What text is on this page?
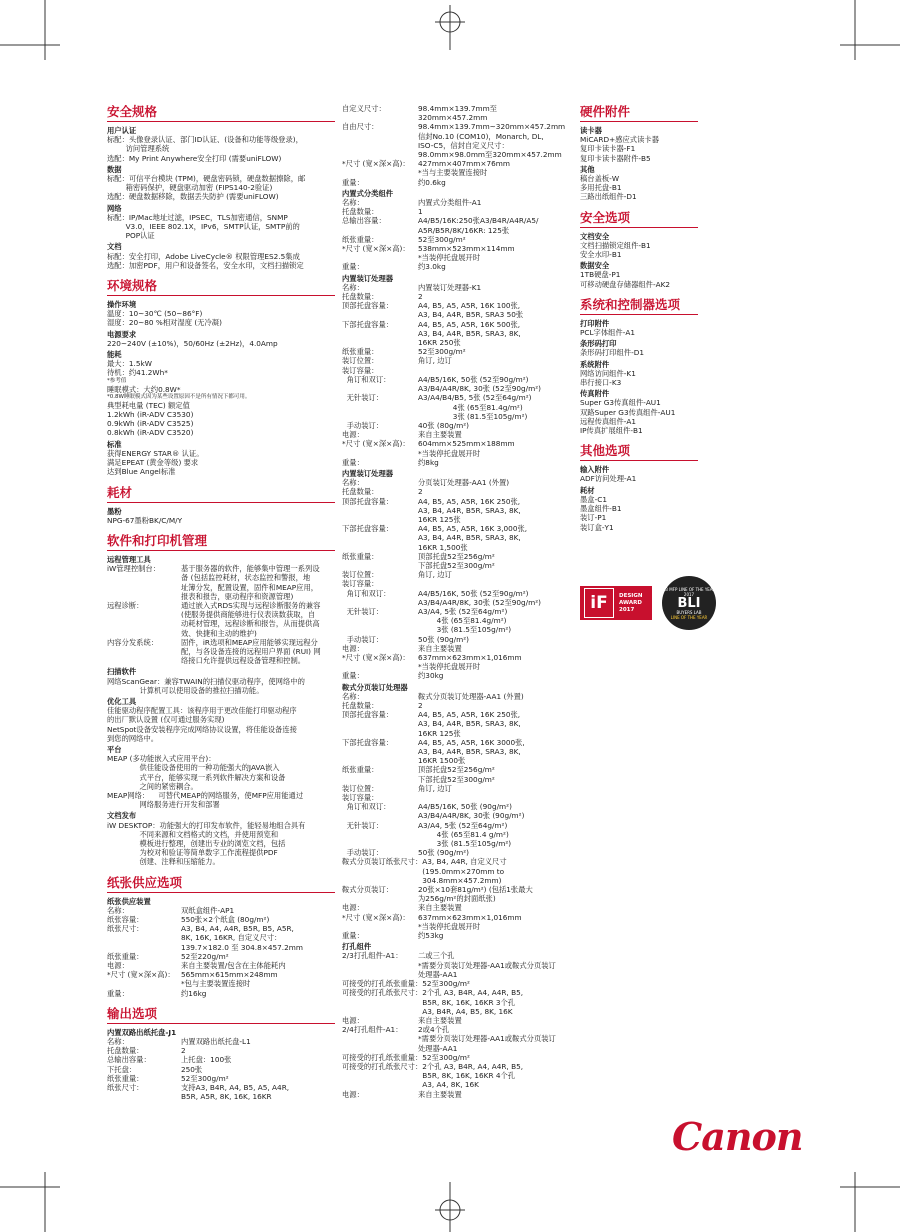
安全规格
用户认证
标配：头像登录认证、部门ID认证、(设备和功能等级登录)，
访问管理系统
选配：My Print Anywhere安全打印 (需要uniFLOW)
数据
标配：可信平台模块 (TPM)，硬盘密码锁，硬盘数据擦除，邮
箱密码保护，硬盘驱动加密 (FIPS140-2验证)
选配：硬盘数据移除，数据丢失防护 (需要uniFLOW)
网络
标配：IP/Mac地址过滤，IPSEC，TLS加密通信，SNMP
V3.0，IEEE 802.1X，IPv6，SMTP认证，SMTP前的
POP认证
文档
标配：安全打印，Adobe LiveCycle® 权限管理ES2.5集成
选配：加密PDF，用户和设备签名，安全水印，文档扫描锁定
环境规格
操作环境
温度：10~30℃ (50~86°F)
湿度：20~80 %相对湿度 (无冷凝)
电源要求
220~240V (±10%)，50/60Hz (±2Hz)，4.0Amp
能耗
最大：1.5kW
待机：约41.2Wh*
*参考值
睡眠模式：大约0.8W*
*0.8W睡眠模式因为某些设置原因不是所有情况下都可用。
典型耗电量 (TEC) 额定值
1.2kWh (iR-ADV C3530)
0.9kWh (iR-ADV C3525)
0.8kWh (iR-ADV C3520)
标准
获得ENERGY STAR® 认证。
满足EPEAT (黄金等级) 要求
达到Blue Angel标准
耗材
墨粉
NPG-67墨粉BK/C/M/Y
软件和打印机管理
远程管理工具
iW管理控制台：	基于服务器的软件，能够集中管理一系列设
备 (包括监控耗材，状态监控和警报，地
址簿分发，配置设置，固件和MEAP应用，
报表和报告，驱动程序和资源管理)
远程诊断：	通过嵌入式RDS实现与远程诊断服务的兼容
(使服务提供商能够进行仪表读数获取，自
动耗材管理，远程诊断和报告，从而提供高
效、快捷和主动的维护)
内容分发系统：	固件，iR选项和MEAP应用能够实现远程分
配，与各设备连接的远程用户界面 (RUI) 网
络接口允许提供远程设备管理和控制。
扫描软件
网络ScanGear：兼容TWAIN的扫描仪驱动程序，使网络中的
计算机可以使用设备的推拉扫描功能。
优化工具
佳能驱动程序配置工具：该程序用于更改佳能打印驱动程序
的出厂默认设置 (仅可通过服务实现)
NetSpot设备安装程序完成网络协议设置，将佳能设备连接
到您的网络中。
平台
MEAP (多功能嵌入式应用平台)：
供佳能设备使用的一种功能强大的JAVA嵌入
式平台，能够实现一系列软件解决方案和设备
之间的紧密耦合。
MEAP网络：    可替代MEAP的网络服务，使MFP应用能通过
网络服务进行开发和部署
文档发布
iW DESKTOP：功能强大的打印发布软件，能轻易地组合具有
不同来源和文档格式的文档，并使用预览和
模板进行整理，创建出专业的浏览文档，包括
为校对和验证等简单数字工作流程提供PDF
创建、注释和压缩能力。
纸张供应选项
纸张供应装置
名称：	双纸盒组件-AP1
纸张容量：	550张×2个纸盒 (80g/m²)
纸张尺寸：	A3, B4, A4, A4R, B5R, B5, A5R,
8K, 16K, 16KR, 自定义尺寸：
139.7×182.0 至 304.8×457.2mm
纸张重量：	52至220g/m²
电源：	来自主要装置/包含在主体能耗内
*尺寸 (宽×深×高)： 565mm×615mm×248mm
*包与主要装置连接时
重量：	约16kg
输出选项
内置双路出纸托盘-J1
名称：	内置双路出纸托盘-L1
托盘数量：	2
总输出容量：	上托盘：100张
下托盘：	250张
纸张重量：	52至300g/m²
纸张尺寸：	支持A3, B4R, A4, B5, A5, A4R,
B5R, A5R, 8K, 16K, 16KR
自定义尺寸：	98.4mm×139.7mm至
320mm×457.2mm
自由尺寸：	98.4mm×139.7mm~320mm×457.2mm
信封No.10 (COM10)，Monarch, DL,
ISO-C5，信封自定义尺寸：
98.0mm×98.0mm至320mm×457.2mm
*尺寸 (宽×深×高)：	427mm×407mm×76mm
*当与主要装置连接时
重量：	约0.6kg
内置式分类组件
名称：	内置式分类组件-A1
托盘数量：	1
总输出容量：	A4/B5/16K:250张A3/B4R/A4R/A5/
A5R/B5R/8K/16KR: 125张
纸张重量：	52至300g/m²
*尺寸 (宽×深×高)：	538mm×523mm×114mm
*当装停托盘展开时
重量：	约3.0kg
内置装订处理器
名称：	内置装订处理器-K1
托盘数量：	2
顶部托盘容量：	A4, B5, A5, A5R, 16K 100张,
A3, B4, A4R, B5R, SRA3 50张
下部托盘容量：	A4, B5, A5, A5R, 16K 500张,
A3, B4, A4R, B5R, SRA3, 8K,
16KR 250张
纸张重量：	52至300g/m²
装订位置：	角订, 边订
装订容量：
角订和双订：	A4/B5/16K, 50张 (52至90g/m²)
A3/B4/A4R/8K, 30张 (52至90g/m²)
无针装订：	A3/A4/B4/B5, 5张 (52至64g/m²)
4张 (65至81.4g/m²)
3张 (81.5至105g/m²)
手动装订：	40张 (80g/m²)
电源：	来自主要装置
*尺寸 (宽×深×高)：	604mm×525mm×188mm
*当装停托盘展开时
重量：	约8kg
内置装订处理器
名称：	分页装订处理器-AA1 (外置)
托盘数量：	2
顶部托盘容量：	A4, B5, A5, A5R, 16K 250张,
A3, B4, A4R, B5R, SRA3, 8K,
16KR 125张
下部托盘容量：	A4, B5, A5, A5R, 16K 3,000张,
A3, B4, A4R, B5R, SRA3, 8K,
16KR 1,500张
纸张重量：	顶部托盘52至256g/m²
下部托盘52至300g/m²
装订位置：	角订, 边订
装订容量：
角订和双订：	A4/B5/16K, 50张 (52至90g/m²)
A3/B4/A4R/8K, 30张 (52至90g/m²)
无针装订：	A3/A4, 5张 (52至64g/m²)
4张 (65至81.4g/m²)
3张 (81.5至105g/m²)
手动装订：	50张 (90g/m²)
电源：	来自主要装置
*尺寸 (宽×深×高)：	637mm×623mm×1,016mm
*当装停托盘展开时
重量：	约30kg
鞍式分页装订处理器
名称：	鞍式分页装订处理器-AA1 (外置)
托盘数量：	2
顶部托盘容量：	A4, B5, A5, A5R, 16K 250张,
A3, B4, A4R, B5R, SRA3, 8K,
16KR 125张
下部托盘容量：	A4, B5, A5, A5R, 16K 3000张,
A3, B4, A4R, B5R, SRA3, 8K,
16KR 1500张
纸张重量：	顶部托盘52至256g/m²
下部托盘52至300g/m²
装订位置：	角订, 边订
装订容量：
角订和双订：	A4/B5/16K, 50张 (90g/m²)
A3/B4/A4R/8K, 30张 (90g/m²)
无针装订：	A3/A4, 5张 (52至64g/m²)
4张 (65至81.4 g/m²)
3张 (81.5至105g/m²)
手动装订：	50张 (90g/m²)
鞍式分页装订纸张尺寸： A3, B4, A4R, 自定义尺寸
(195.0mm×270mm to
304.8mm×457.2mm)
鞍式分页装订：	20张×10套81g/m²) (包括1张最大
为256g/m²的封面纸张)
电源：	来自主要装置
*尺寸 (宽×深×高)：	637mm×623mm×1,016mm
*当装停托盘展开时
重量：	约53kg
打孔组件
2/3打孔组件-A1：	二或三个孔
*需要分页装订处理器-AA1或鞍式分页装订
处理器-AA1
可接受的打孔纸张重量： 52至300g/m²
可接受的打孔纸张尺寸： 2个孔 A3, B4R, A4, A4R, B5,
B5R, 8K, 16K, 16KR 3个孔
A3, B4R, A4, B5, 8K, 16K
电源：	来自主要装置
2/4打孔组件-A1：	2或4个孔
*需要分页装订处理器-AA1或鞍式分页装订
处理器-AA1
可接受的打孔纸张重量： 52至300g/m²
可接受的打孔纸张尺寸： 2个孔 A3, B4R, A4, A4R, B5,
B5R, 8K, 16K, 16KR 4个孔
A3, A4, 8K, 16K
电源：	来自主要装置
硬件附件
读卡器
MiCARD+感应式读卡器
复印卡读卡器-F1
复印卡读卡器附件-B5
其他
稿台盖板-W
多用托盘-B1
三路出纸组件-D1
安全选项
文档安全
文档扫描锁定组件-B1
安全水印-B1
数据安全
1TB硬盘-P1
可移动硬盘存储器组件-AK2
系统和控制器选项
打印附件
PCL字体组件-A1
条形码打印
条形码打印组件-D1
系统附件
网络访问组件-K1
串行接口-K3
传真附件
Super G3传真组件-AU1
双路Super G3传真组件-AU1
远程传真组件-A1
IP传真扩展组件-B1
其他选项
输入附件
ADF访问处理-A1
耗材
墨盒-C1
墨盒组件-B1
装订-P1
装订盒-Y1
iF	DESIGN
AWARD
2017
A3 MFP LINE OF THE YEAR
2017
BLI
BUYERS LAB
LINE OF THE YEAR
Canon
